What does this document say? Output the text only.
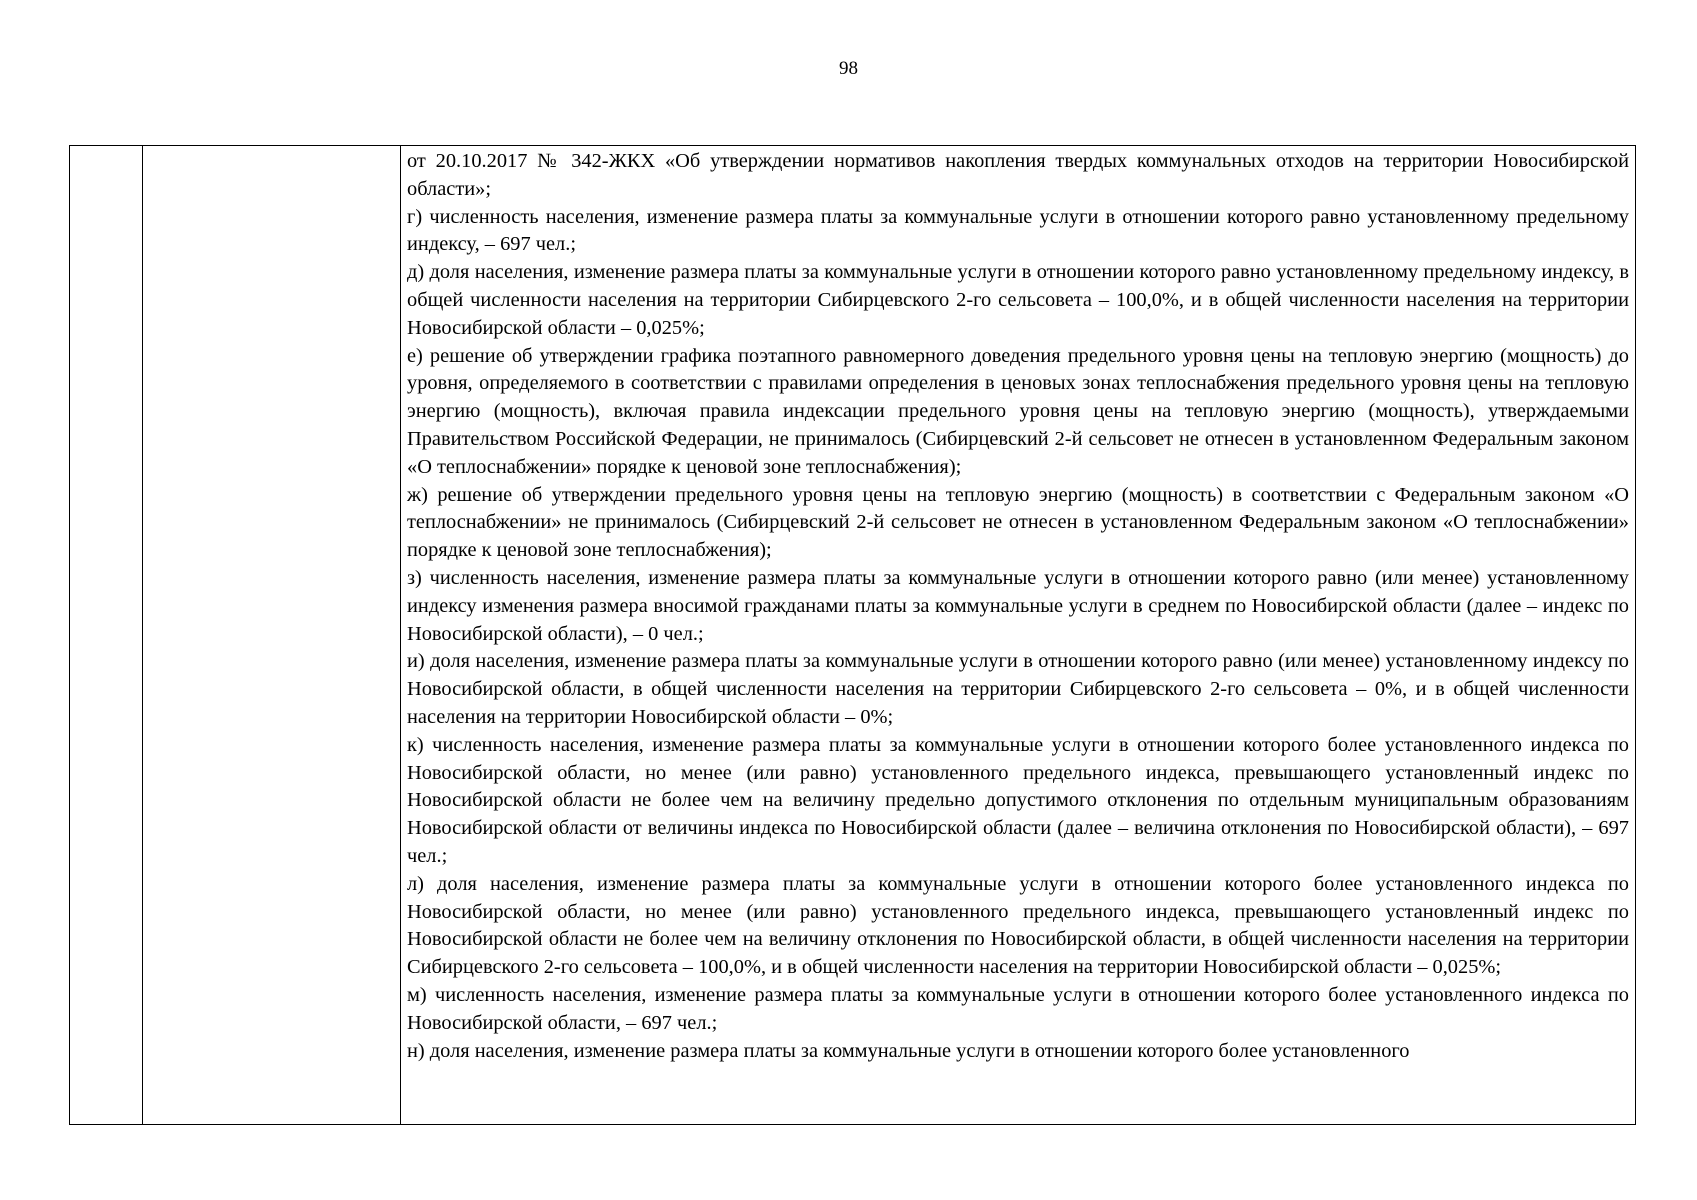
98

от 20.10.2017 № 342-ЖКХ «Об утверждении нормативов накопления твердых коммунальных отходов на территории Новосибирской области»;

г) численность населения, изменение размера платы за коммунальные услуги в отношении которого равно установленному предельному индексу, – 697 чел.;

д) доля населения, изменение размера платы за коммунальные услуги в отношении которого равно установленному предельному индексу, в общей численности населения на территории Сибирцевского 2-го сельсовета – 100,0%, и в общей численности населения на территории Новосибирской области – 0,025%;

е) решение об утверждении графика поэтапного равномерного доведения предельного уровня цены на тепловую энергию (мощность) до уровня, определяемого в соответствии с правилами определения в ценовых зонах теплоснабжения предельного уровня цены на тепловую энергию (мощность), включая правила индексации предельного уровня цены на тепловую энергию (мощность), утверждаемыми Правительством Российской Федерации, не принималось (Сибирцевский 2-й сельсовет не отнесен в установленном Федеральным законом «О теплоснабжении» порядке к ценовой зоне теплоснабжения);

ж) решение об утверждении предельного уровня цены на тепловую энергию (мощность) в соответствии с Федеральным законом «О теплоснабжении» не принималось (Сибирцевский 2-й сельсовет не отнесен в установленном Федеральным законом «О теплоснабжении» порядке к ценовой зоне теплоснабжения);

з) численность населения, изменение размера платы за коммунальные услуги в отношении которого равно (или менее) установленному индексу изменения размера вносимой гражданами платы за коммунальные услуги в среднем по Новосибирской области (далее – индекс по Новосибирской области), – 0 чел.;

и) доля населения, изменение размера платы за коммунальные услуги в отношении которого равно (или менее) установленному индексу по Новосибирской области, в общей численности населения на территории Сибирцевского 2-го сельсовета – 0%, и в общей численности населения на территории Новосибирской области – 0%;

к) численность населения, изменение размера платы за коммунальные услуги в отношении которого более установленного индекса по Новосибирской области, но менее (или равно) установленного предельного индекса, превышающего установленный индекс по Новосибирской области не более чем на величину предельно допустимого отклонения по отдельным муниципальным образованиям Новосибирской области от величины индекса по Новосибирской области (далее – величина отклонения по Новосибирской области), – 697 чел.;

л) доля населения, изменение размера платы за коммунальные услуги в отношении которого более установленного индекса по Новосибирской области, но менее (или равно) установленного предельного индекса, превышающего установленный индекс по Новосибирской области не более чем на величину отклонения по Новосибирской области, в общей численности населения на территории Сибирцевского 2-го сельсовета – 100,0%, и в общей численности населения на территории Новосибирской области – 0,025%;

м) численность населения, изменение размера платы за коммунальные услуги в отношении которого более установленного индекса по Новосибирской области, – 697 чел.;

н) доля населения, изменение размера платы за коммунальные услуги в отношении которого более установленного
